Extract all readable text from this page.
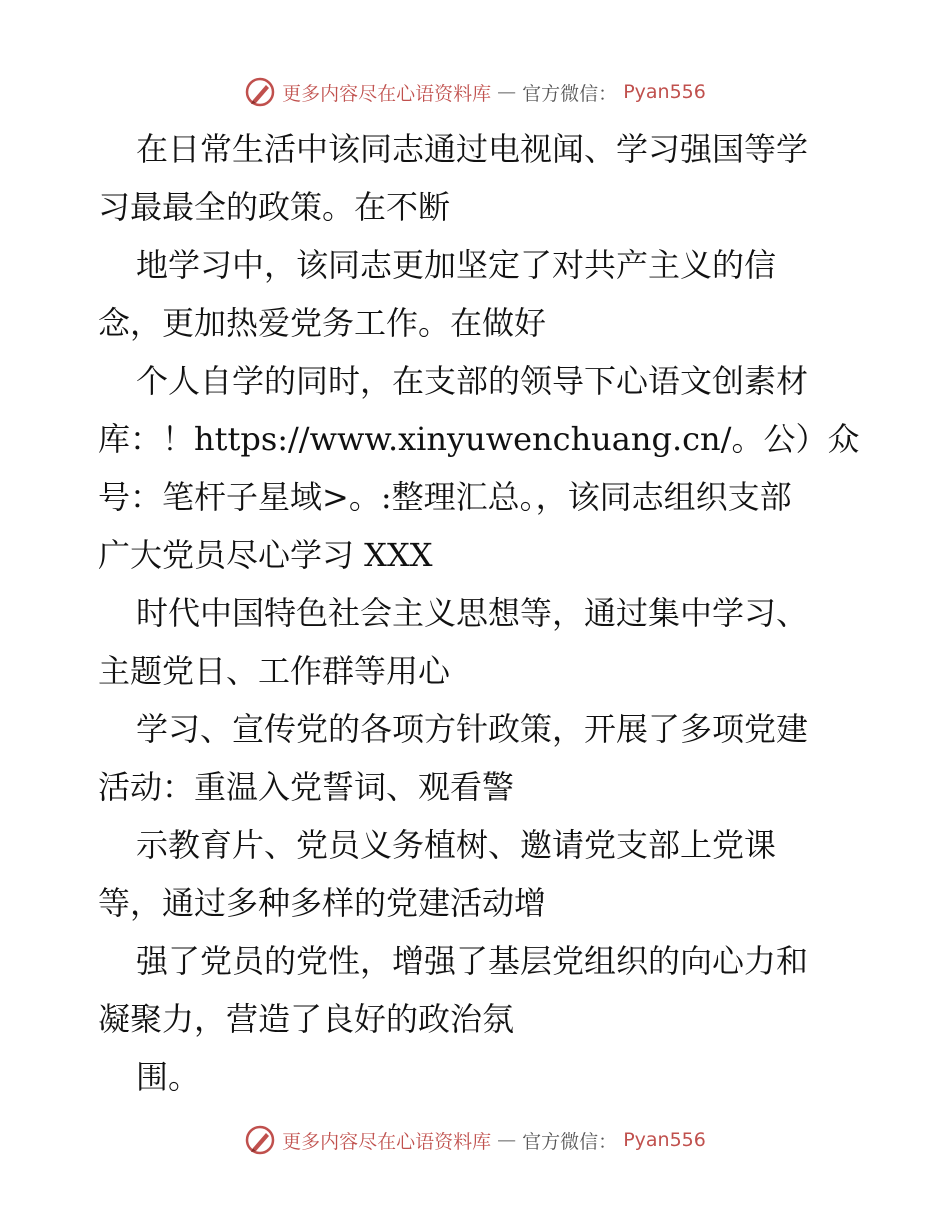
更多内容尽在心语资料库 — 官方微信： Pyan556

在日常生活中该同志通过电视闻、学习强国等学
习最最全的政策。在不断

地学习中，该同志更加坚定了对共产主义的信
念，更加热爱党务工作。在做好

个人自学的同时，在支部的领导下心语文创素材
库：！https://www.xinyuwenchuang.cn/。公）众
号：笔杆子星域>。:整理汇总。，该同志组织支部
广大党员尽心学习 XXX

时代中国特色社会主义思想等，通过集中学习、
主题党日、工作群等用心

学习、宣传党的各项方针政策，开展了多项党建
活动：重温入党誓词、观看警

示教育片、党员义务植树、邀请党支部上党课
等，通过多种多样的党建活动增

强了党员的党性，增强了基层党组织的向心力和
凝聚力，营造了良好的政治氛

围。

更多内容尽在心语资料库 — 官方微信： Pyan556
